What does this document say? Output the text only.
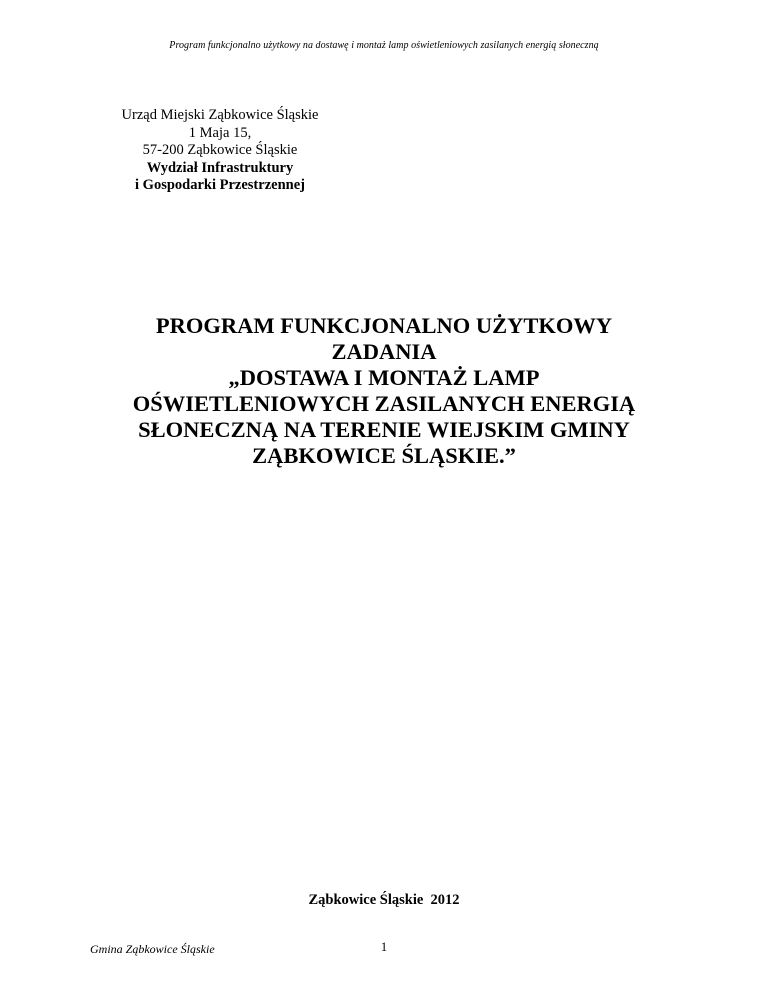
Program funkcjonalno użytkowy na dostawę i montaż lamp oświetleniowych zasilanych energią słoneczną
Urząd Miejski Ząbkowice Śląskie
1 Maja 15,
57-200 Ząbkowice Śląskie
Wydział Infrastruktury
i Gospodarki Przestrzennej
PROGRAM FUNKCJONALNO UŻYTKOWY
ZADANIA
„DOSTAWA I MONTAŻ LAMP
OŚWIETLENIOWYCH ZASILANYCH ENERGIĄ
SŁONECZNĄ NA TERENIE WIEJSKIM GMINY
ZĄBKOWICE ŚLĄSKIE.”
Ząbkowice Śląskie  2012
Gmina Ząbkowice Śląskie	1
